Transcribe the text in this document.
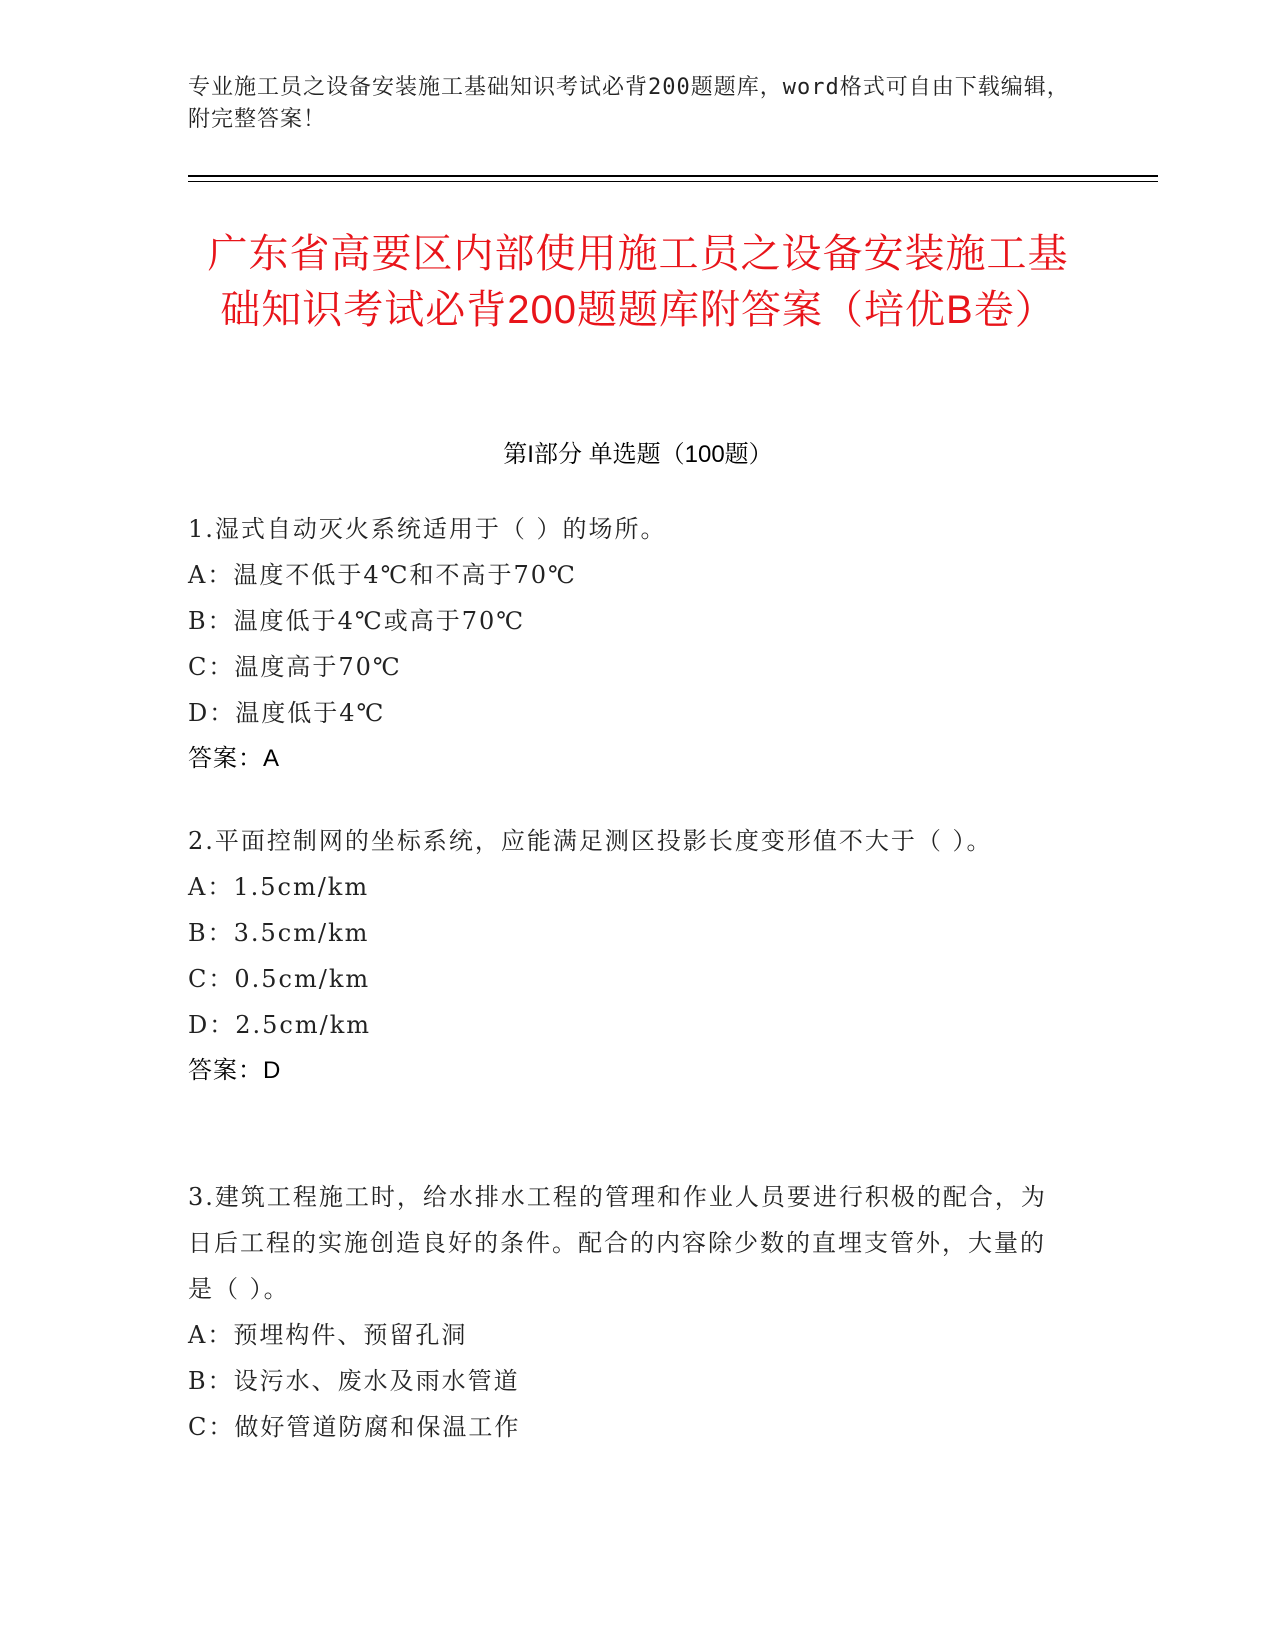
专业施工员之设备安装施工基础知识考试必背200题题库，word格式可自由下载编辑，附完整答案！
广东省高要区内部使用施工员之设备安装施工基础知识考试必背200题题库附答案（培优B卷）
第I部分 单选题（100题）

1.湿式自动灭火系统适用于（ ）的场所。

A：温度不低于4℃和不高于70℃

B：温度低于4℃或高于70℃

C：温度高于70℃

D：温度低于4℃

答案：A

2.平面控制网的坐标系统，应能满足测区投影长度变形值不大于（ ）。

A：1.5cm/km

B：3.5cm/km

C：0.5cm/km

D：2.5cm/km

答案：D

3.建筑工程施工时，给水排水工程的管理和作业人员要进行积极的配合，为日后工程的实施创造良好的条件。配合的内容除少数的直埋支管外，大量的是（ ）。

A：预埋构件、预留孔洞

B：设污水、废水及雨水管道

C：做好管道防腐和保温工作
